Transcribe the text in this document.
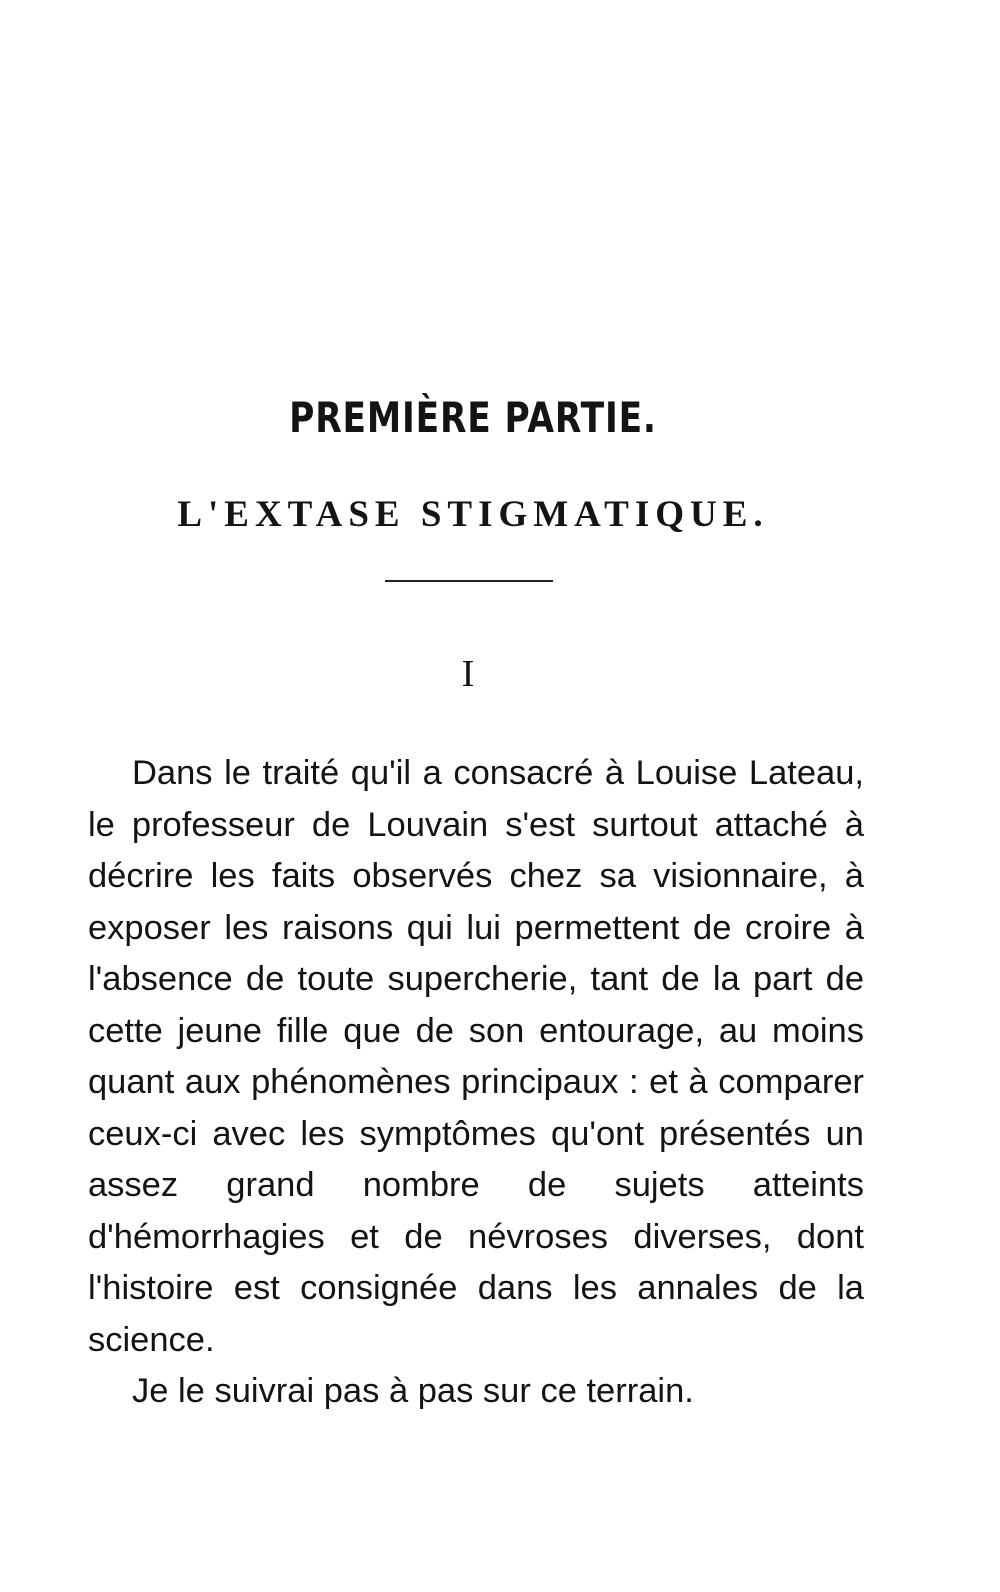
PREMIÈRE PARTIE.
L'EXTASE STIGMATIQUE.
I

Dans le traité qu'il a consacré à Louise Lateau, le professeur de Louvain s'est surtout attaché à décrire les faits observés chez sa visionnaire, à exposer les raisons qui lui permettent de croire à l'absence de toute supercherie, tant de la part de cette jeune fille que de son entourage, au moins quant aux phénomènes principaux : et à comparer ceux-ci avec les symptômes qu'ont présentés un assez grand nombre de sujets atteints d'hémorrhagies et de névroses diverses, dont l'histoire est consignée dans les annales de la science.

Je le suivrai pas à pas sur ce terrain.
